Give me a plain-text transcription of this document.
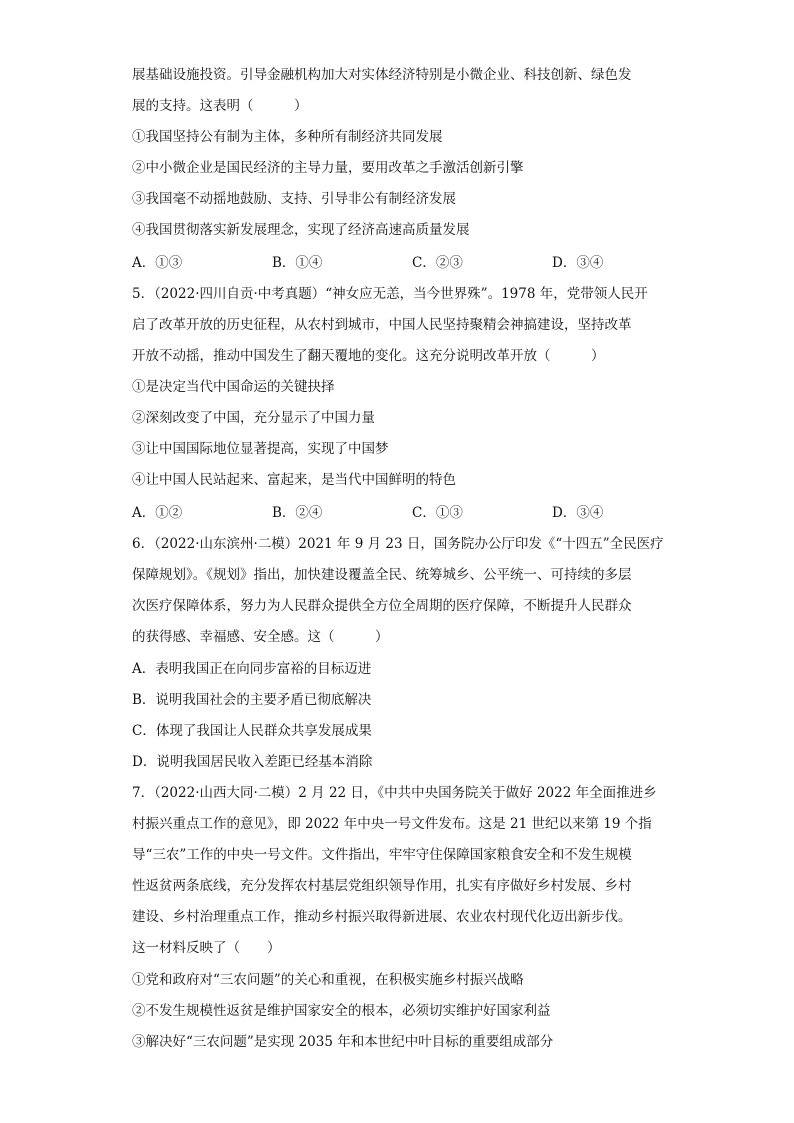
展基础设施投资。引导金融机构加大对实体经济特别是小微企业、科技创新、绿色发
展的支持。这表明（　　　）
①我国坚持公有制为主体，多种所有制经济共同发展
②中小微企业是国民经济的主导力量，要用改革之手激活创新引擎
③我国毫不动摇地鼓励、支持、引导非公有制经济发展
④我国贯彻落实新发展理念，实现了经济高速高质量发展
A．①③	B．①④	C．②③	D．③④
5．（2022·四川自贡·中考真题）“神女应无恙，当今世界殊”。1978 年，党带领人民开
启了改革开放的历史征程，从农村到城市，中国人民坚持聚精会神搞建设，坚持改革
开放不动摇，推动中国发生了翻天覆地的变化。这充分说明改革开放（　　　）
①是决定当代中国命运的关键抉择
②深刻改变了中国，充分显示了中国力量
③让中国国际地位显著提高，实现了中国梦
④让中国人民站起来、富起来，是当代中国鲜明的特色
A．①②	B．②④	C．①③	D．③④
6．（2022·山东滨州·二模）2021 年 9 月 23 日，国务院办公厅印发《“十四五”全民医疗
保障规划》。《规划》指出，加快建设覆盖全民、统筹城乡、公平统一、可持续的多层
次医疗保障体系，努力为人民群众提供全方位全周期的医疗保障，不断提升人民群众
的获得感、幸福感、安全感。这（　　　）
A．表明我国正在向同步富裕的目标迈进
B．说明我国社会的主要矛盾已彻底解决
C．体现了我国让人民群众共享发展成果
D．说明我国居民收入差距已经基本消除
7．（2022·山西大同·二模）2 月 22 日，《中共中央国务院关于做好 2022 年全面推进乡
村振兴重点工作的意见》，即 2022 年中央一号文件发布。这是 21 世纪以来第 19 个指
导“三农”工作的中央一号文件。文件指出，牢牢守住保障国家粮食安全和不发生规模
性返贫两条底线，充分发挥农村基层党组织领导作用，扎实有序做好乡村发展、乡村
建设、乡村治理重点工作，推动乡村振兴取得新进展、农业农村现代化迈出新步伐。
这一材料反映了（　　）
①党和政府对“三农问题”的关心和重视，在积极实施乡村振兴战略
②不发生规模性返贫是维护国家安全的根本，必须切实维护好国家利益
③解决好“三农问题”是实现 2035 年和本世纪中叶目标的重要组成部分
